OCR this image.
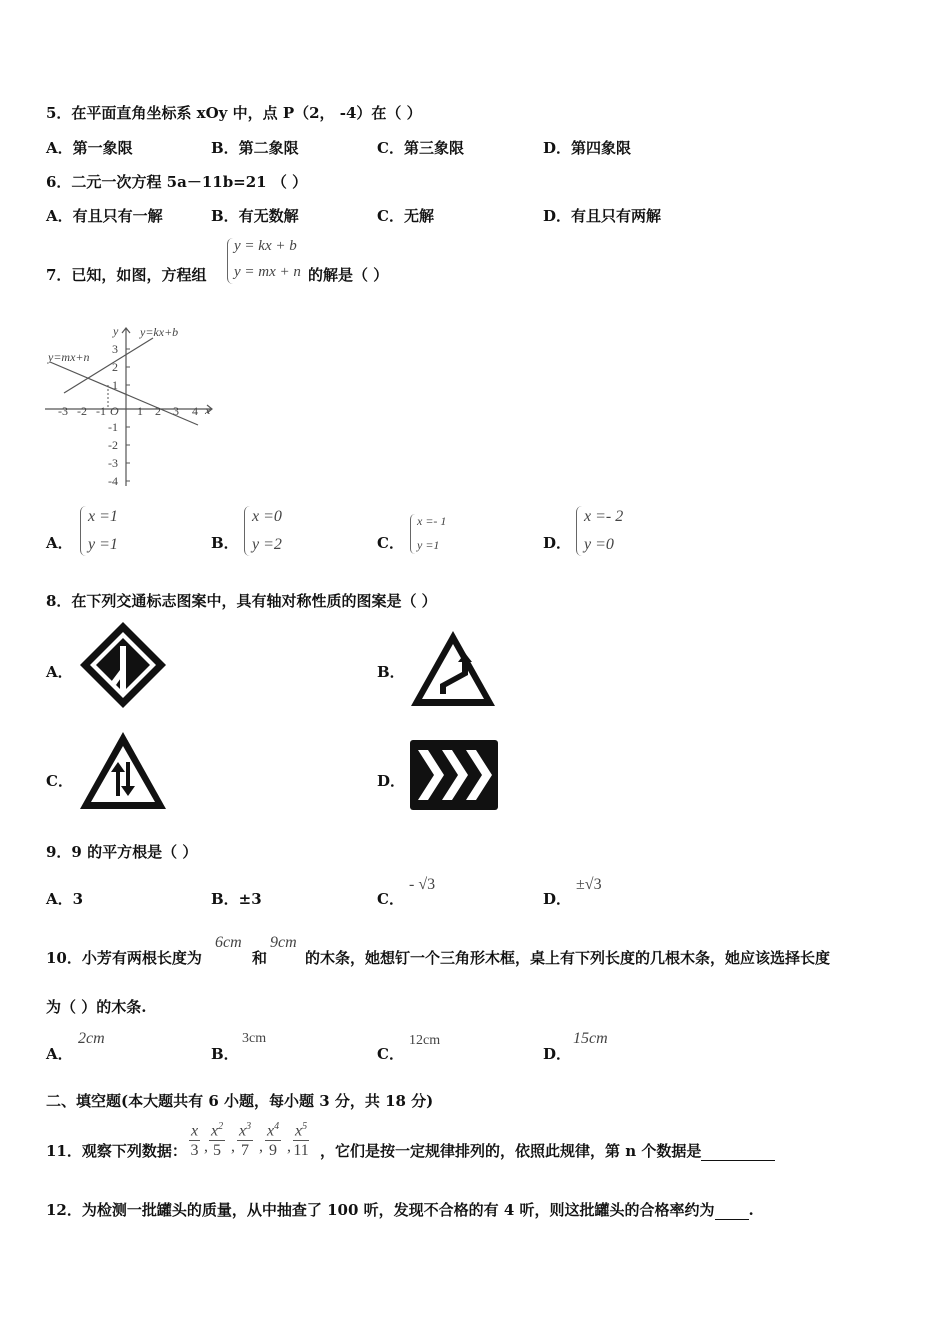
5．在平面直角坐标系 xOy 中，点 P（2， -4）在（ ）
A．第一象限	B．第二象限	C．第三象限	D．第四象限
6．二元一次方程 5a－11b=21 （ ）
A．有且只有一解	B．有无数解	C．无解	D．有且只有两解
7．已知，如图，方程组
y = kx + b
y = mx + n 的解是（ ）
y
x
O
y=kx+b
y=mx+n
-3 -2 -1	1 2 3 4
3
2
1
-1
-2
-3
-4
A．
x =1
y =1	B．
x =0
y =2	C．
x =- 1
y =1	D．
x =- 2
y =0
8．在下列交通标志图案中，具有轴对称性质的图案是（ ）
A．	B．
C．	D．
9．9 的平方根是（ ）
A．3	B．±3	C．
- √3
D．
±√3
10．小芳有两根长度为
6cm
和
9cm
的木条，她想钉一个三角形木框，桌上有下列长度的几根木条，她应该选择长度
为（ ）的木条.
A．
2cm
B．
3cm
C．
12cm
D．
15cm
二、填空题(本大题共有 6 小题，每小题 3 分，共 18 分)
11．观察下列数据： $\frac{x}{3}$ , $\frac{x^2}{5}$ , $\frac{x^3}{7}$ , $\frac{x^4}{9}$ , $\frac{x^5}{11}$ ，它们是按一定规律排列的，依照此规律，第 n 个数据是
12．为检测一批罐头的质量，从中抽查了 100 听，发现不合格的有 4 听，则这批罐头的合格率约为 .
